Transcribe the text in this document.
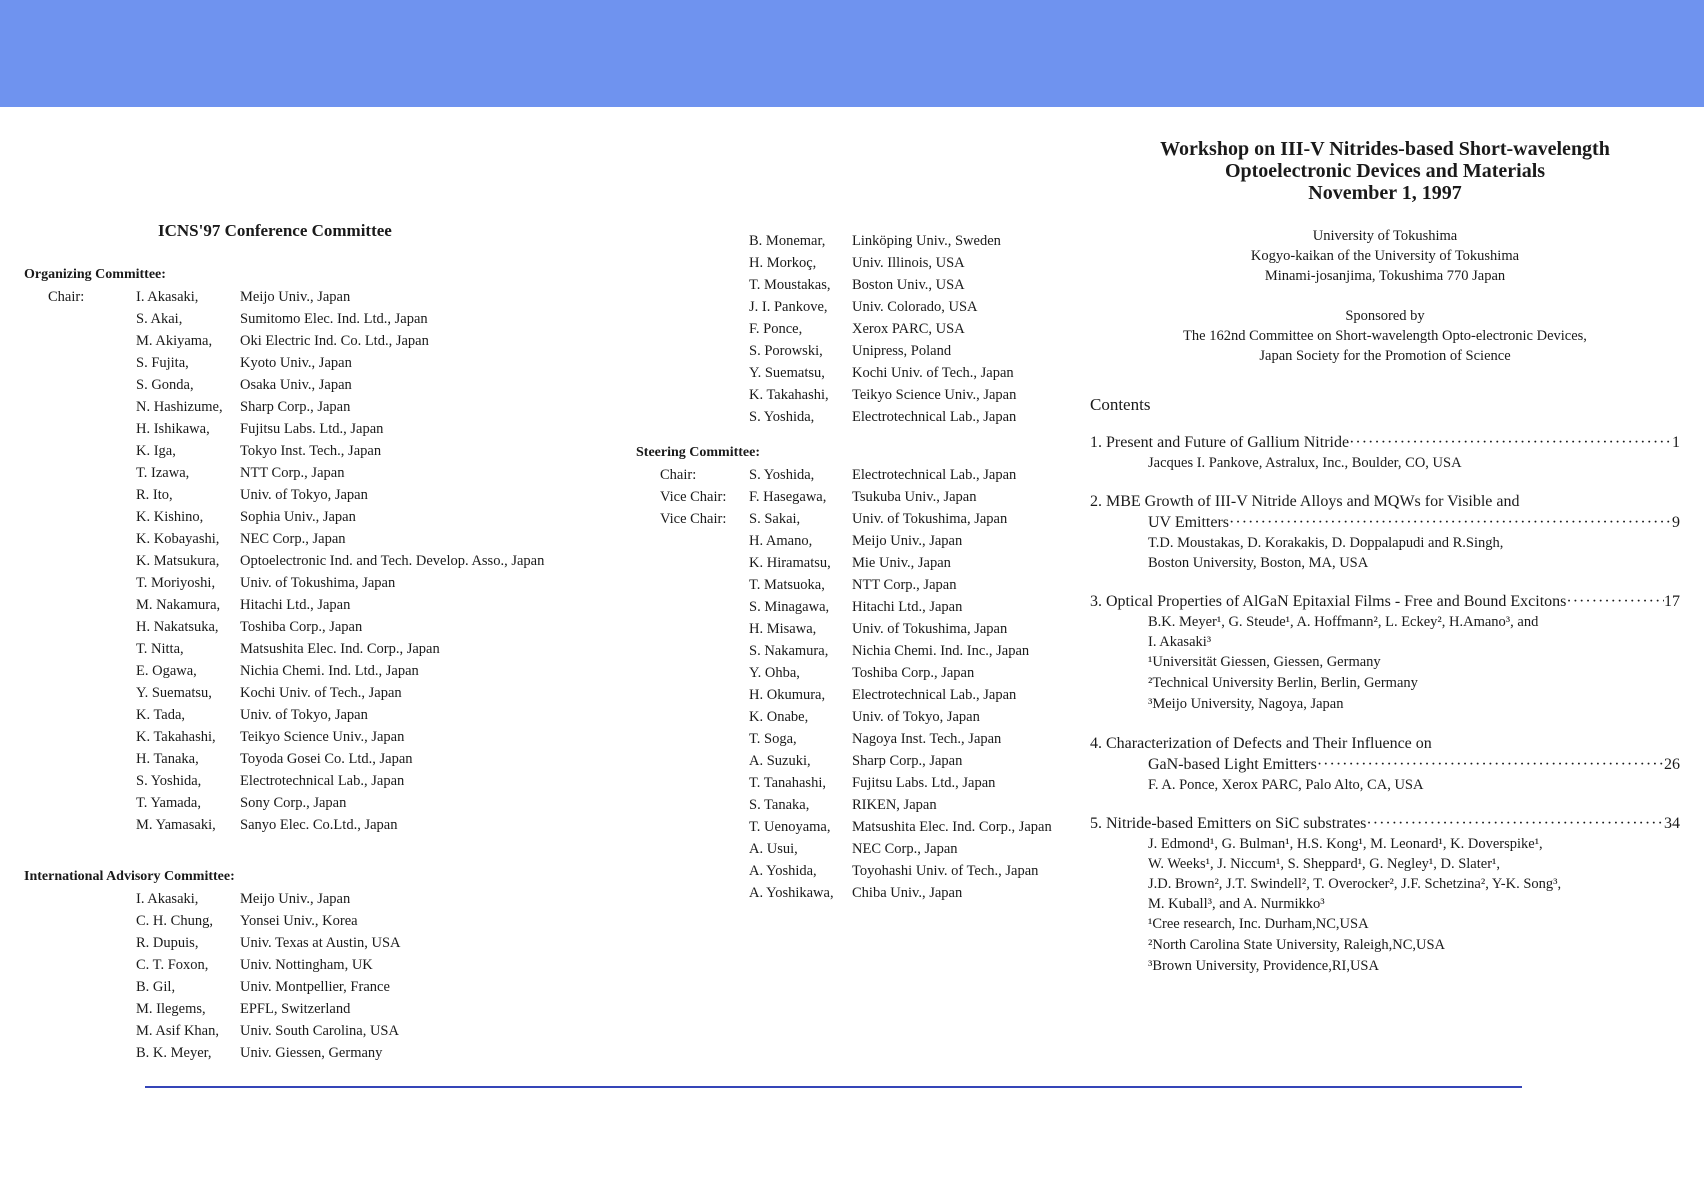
ICNS'97 Conference Committee
Organizing Committee:
Chair:	I. Akasaki,	Meijo Univ., Japan
S. Akai,	Sumitomo Elec. Ind. Ltd., Japan
M. Akiyama,	Oki Electric Ind. Co. Ltd., Japan
S. Fujita,	Kyoto Univ., Japan
S. Gonda,	Osaka Univ., Japan
N. Hashizume,	Sharp Corp., Japan
H. Ishikawa,	Fujitsu Labs. Ltd., Japan
K. Iga,	Tokyo Inst. Tech., Japan
T. Izawa,	NTT Corp., Japan
R. Ito,	Univ. of Tokyo, Japan
K. Kishino,	Sophia Univ., Japan
K. Kobayashi,	NEC Corp., Japan
K. Matsukura,	Optoelectronic Ind. and Tech. Develop. Asso., Japan
T. Moriyoshi,	Univ. of Tokushima, Japan
M. Nakamura,	Hitachi Ltd., Japan
H. Nakatsuka,	Toshiba Corp., Japan
T. Nitta,	Matsushita Elec. Ind. Corp., Japan
E. Ogawa,	Nichia Chemi. Ind. Ltd., Japan
Y. Suematsu,	Kochi Univ. of Tech., Japan
K. Tada,	Univ. of Tokyo, Japan
K. Takahashi,	Teikyo Science Univ., Japan
H. Tanaka,	Toyoda Gosei Co. Ltd., Japan
S. Yoshida,	Electrotechnical Lab., Japan
T. Yamada,	Sony Corp., Japan
M. Yamasaki,	Sanyo Elec. Co.Ltd., Japan
International Advisory Committee:
I. Akasaki,	Meijo Univ., Japan
C. H. Chung,	Yonsei Univ., Korea
R. Dupuis,	Univ. Texas at Austin, USA
C. T. Foxon,	Univ. Nottingham, UK
B. Gil,	Univ. Montpellier, France
M. Ilegems,	EPFL, Switzerland
M. Asif Khan,	Univ. South Carolina, USA
B. K. Meyer,	Univ. Giessen, Germany
B. Monemar,	Linköping Univ., Sweden
H. Morkoç,	Univ. Illinois, USA
T. Moustakas,	Boston Univ., USA
J. I. Pankove,	Univ. Colorado, USA
F. Ponce,	Xerox PARC, USA
S. Porowski,	Unipress, Poland
Y. Suematsu,	Kochi Univ. of Tech., Japan
K. Takahashi,	Teikyo Science Univ., Japan
S. Yoshida,	Electrotechnical Lab., Japan
Steering Committee:
Chair:	S. Yoshida,	Electrotechnical Lab., Japan
Vice Chair:	F. Hasegawa,	Tsukuba Univ., Japan
Vice Chair:	S. Sakai,	Univ. of Tokushima, Japan
H. Amano,	Meijo Univ., Japan
K. Hiramatsu,	Mie Univ., Japan
T. Matsuoka,	NTT Corp., Japan
S. Minagawa,	Hitachi Ltd., Japan
H. Misawa,	Univ. of Tokushima, Japan
S. Nakamura,	Nichia Chemi. Ind. Inc., Japan
Y. Ohba,	Toshiba Corp., Japan
H. Okumura,	Electrotechnical Lab., Japan
K. Onabe,	Univ. of Tokyo, Japan
T. Soga,	Nagoya Inst. Tech., Japan
A. Suzuki,	Sharp Corp., Japan
T. Tanahashi,	Fujitsu Labs. Ltd., Japan
S. Tanaka,	RIKEN, Japan
T. Uenoyama,	Matsushita Elec. Ind. Corp., Japan
A. Usui,	NEC Corp., Japan
A. Yoshida,	Toyohashi Univ. of Tech., Japan
A. Yoshikawa,	Chiba Univ., Japan
Workshop on III-V Nitrides-based Short-wavelength
Optoelectronic Devices and Materials
November 1, 1997
University of Tokushima
Kogyo-kaikan of the University of Tokushima
Minami-josanjima, Tokushima 770 Japan
Sponsored by
The 162nd Committee on Short-wavelength Opto-electronic Devices,
Japan Society for the Promotion of Science
Contents
1. Present and Future of Gallium Nitride ·····	1
Jacques I. Pankove, Astralux, Inc., Boulder, CO, USA
2. MBE Growth of III-V Nitride Alloys and MQWs for Visible and
UV Emitters ·····	9
T.D. Moustakas, D. Korakakis, D. Doppalapudi and R.Singh,
Boston University, Boston, MA, USA
3. Optical Properties of AlGaN Epitaxial Films - Free and Bound Excitons ·····	17
B.K. Meyer¹, G. Steude¹, A. Hoffmann², L. Eckey², H.Amano³, and
I. Akasaki³
¹Universität Giessen, Giessen, Germany
²Technical University Berlin, Berlin, Germany
³Meijo University, Nagoya, Japan
4. Characterization of Defects and Their Influence on
GaN-based Light Emitters ·····	26
F. A. Ponce, Xerox PARC, Palo Alto, CA, USA
5. Nitride-based Emitters on SiC substrates ·····	34
J. Edmond¹, G. Bulman¹, H.S. Kong¹, M. Leonard¹, K. Doverspike¹,
W. Weeks¹, J. Niccum¹, S. Sheppard¹, G. Negley¹, D. Slater¹,
J.D. Brown², J.T. Swindell², T. Overocker², J.F. Schetzina², Y-K. Song³,
M. Kuball³, and A. Nurmikko³
¹Cree research, Inc. Durham,NC,USA
²North Carolina State University, Raleigh,NC,USA
³Brown University, Providence,RI,USA
